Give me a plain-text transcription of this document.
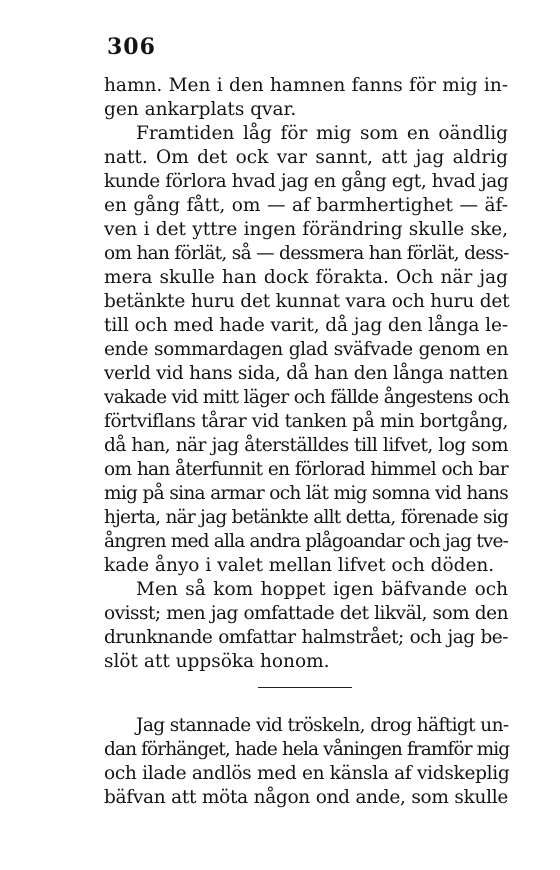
306
hamn. Men i den hamnen fanns för mig in-
gen ankarplats qvar.
Framtiden låg för mig som en oändlig
natt. Om det ock var sannt, att jag aldrig
kunde förlora hvad jag en gång egt, hvad jag
en gång fått, om — af barmhertighet — äf-
ven i det yttre ingen förändring skulle ske,
om han förlät, så — dessmera han förlät, dess-
mera skulle han dock förakta. Och när jag
betänkte huru det kunnat vara och huru det
till och med hade varit, då jag den långa le-
ende sommardagen glad sväfvade genom en
verld vid hans sida, då han den långa natten
vakade vid mitt läger och fällde ångestens och
förtviflans tårar vid tanken på min bortgång,
då han, när jag återställdes till lifvet, log som
om han återfunnit en förlorad himmel och bar
mig på sina armar och lät mig somna vid hans
hjerta, när jag betänkte allt detta, förenade sig
ångren med alla andra plågoandar och jag tve-
kade ånyo i valet mellan lifvet och döden.
Men så kom hoppet igen bäfvande och
ovisst; men jag omfattade det likväl, som den
drunknande omfattar halmstrået; och jag be-
slöt att uppsöka honom.
Jag stannade vid tröskeln, drog häftigt un-
dan förhänget, hade hela våningen framför mig
och ilade andlös med en känsla af vidskeplig
bäfvan att möta någon ond ande, som skulle
